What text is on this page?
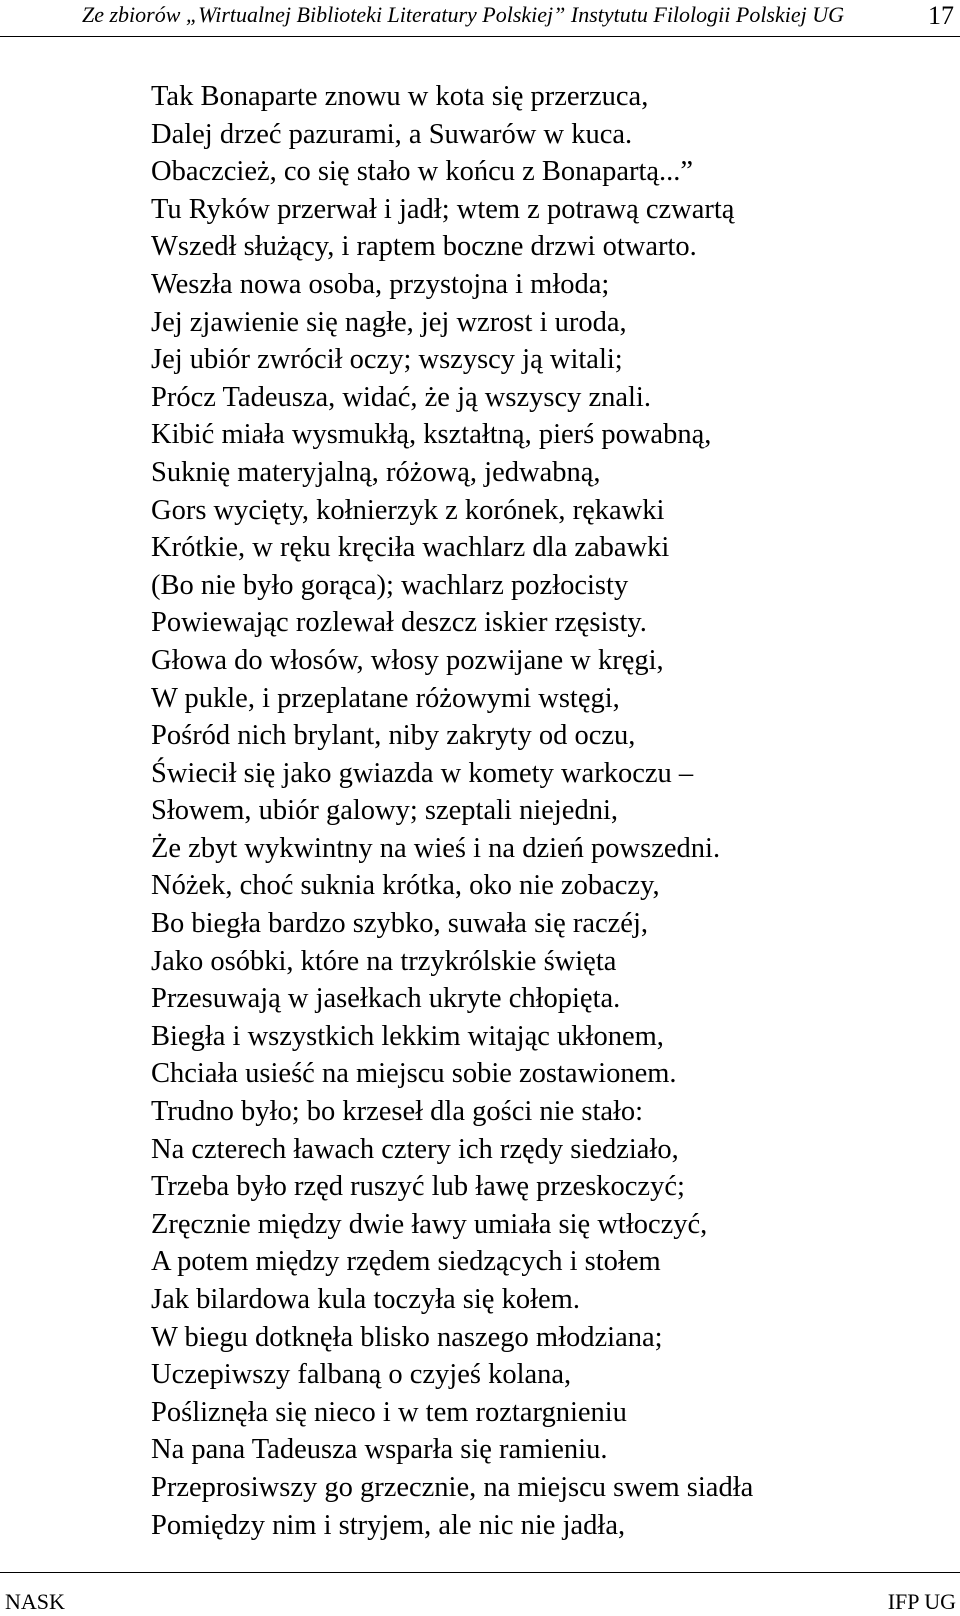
Ze zbiorów „Wirtualnej Biblioteki Literatury Polskiej” Instytutu Filologii Polskiej UG	17
Tak Bonaparte znowu w kota się przerzuca,
Dalej drzeć pazurami, a Suwarów w kuca.
Obaczcież, co się stało w końcu z Bonapartą...”
Tu Ryków przerwał i jadł; wtem z potrawą czwartą
Wszedł służący, i raptem boczne drzwi otwarto.
Weszła nowa osoba, przystojna i młoda;
Jej zjawienie się nagłe, jej wzrost i uroda,
Jej ubiór zwrócił oczy; wszyscy ją witali;
Prócz Tadeusza, widać, że ją wszyscy znali.
Kibić miała wysmukłą, kształtną, pierś powabną,
Suknię materyjalną, różową, jedwabną,
Gors wycięty, kołnierzyk z korónek, rękawki
Krótkie, w ręku kręciła wachlarz dla zabawki
(Bo nie było gorąca); wachlarz pozłocisty
Powiewając rozlewał deszcz iskier rzęsisty.
Głowa do włosów, włosy pozwijane w kręgi,
W pukle, i przeplatane różowymi wstęgi,
Pośród nich brylant, niby zakryty od oczu,
Świecił się jako gwiazda w komety warkoczu –
Słowem, ubiór galowy; szeptali niejedni,
Że zbyt wykwintny na wieś i na dzień powszedni.
Nóżek, choć suknia krótka, oko nie zobaczy,
Bo biegła bardzo szybko, suwała się raczéj,
Jako osóbki, które na trzykrólskie święta
Przesuwają w jasełkach ukryte chłopięta.
Biegła i wszystkich lekkim witając ukłonem,
Chciała usieść na miejscu sobie zostawionem.
Trudno było; bo krzeseł dla gości nie stało:
Na czterech ławach cztery ich rzędy siedziało,
Trzeba było rzęd ruszyć lub ławę przeskoczyć;
Zręcznie między dwie ławy umiała się wtłoczyć,
A potem między rzędem siedzących i stołem
Jak bilardowa kula toczyła się kołem.
W biegu dotknęła blisko naszego młodziana;
Uczepiwszy falbaną o czyjeś kolana,
Pośliznęła się nieco i w tem roztargnieniu
Na pana Tadeusza wsparła się ramieniu.
Przeprosiwszy go grzecznie, na miejscu swem siadła
Pomiędzy nim i stryjem, ale nic nie jadła,
NASK	IFP UG
